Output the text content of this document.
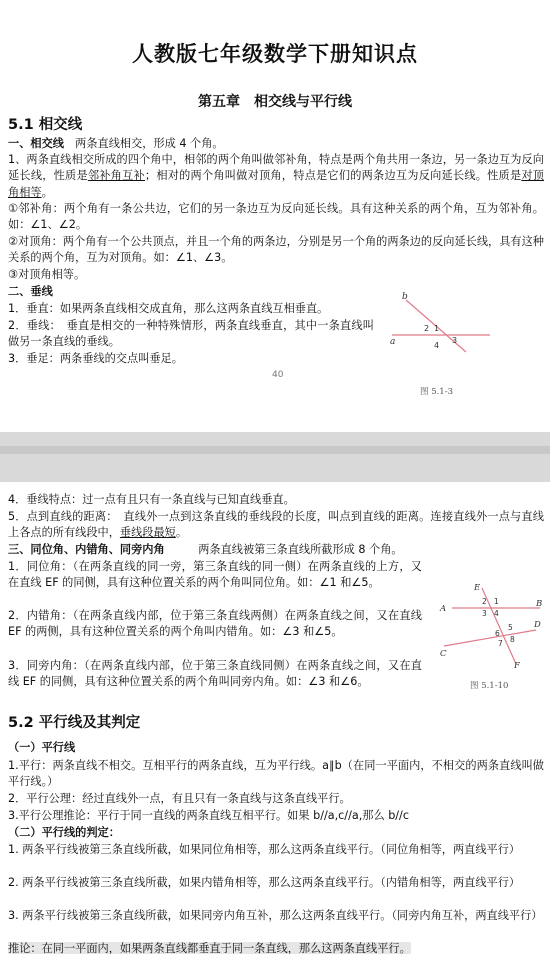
人教版七年级数学下册知识点
第五章　相交线与平行线
5.1 相交线
一、相交线　两条直线相交，形成 4 个角。
1、两条直线相交所成的四个角中，相邻的两个角叫做邻补角，特点是两个角共用一条边，另一条边互为反向延长线，性质是邻补角互补；相对的两个角叫做对顶角，特点是它们的两条边互为反向延长线。性质是对顶角相等。
①邻补角：两个角有一条公共边，它们的另一条边互为反向延长线。具有这种关系的两个角，互为邻补角。如：∠1、∠2。
②对顶角：两个角有一个公共顶点，并且一个角的两条边，分别是另一个角的两条边的反向延长线，具有这种关系的两个角，互为对顶角。如：∠1、∠3。
③对顶角相等。
二、垂线
1．垂直：如果两条直线相交成直角，那么这两条直线互相垂直。
2．垂线：　垂直是相交的一种特殊情形，两条直线垂直，其中一条直线叫做另一条直线的垂线。
3．垂足：两条垂线的交点叫垂足。
b
a
1
2
3
4
40
图 5.1-3
4．垂线特点：过一点有且只有一条直线与已知直线垂直。
5．点到直线的距离：　直线外一点到这条直线的垂线段的长度，叫点到直线的距离。连接直线外一点与直线上各点的所有线段中，垂线段最短。
三、同位角、内错角、同旁内角　　　两条直线被第三条直线所截形成 8 个角。
1．同位角：（在两条直线的同一旁，第三条直线的同一侧）在两条直线的上方，又在直线 EF 的同侧，具有这种位置关系的两个角叫同位角。如：∠1 和∠5。
2．内错角：（在两条直线内部，位于第三条直线两侧）在两条直线之间，又在直线 EF 的两侧，具有这种位置关系的两个角叫内错角。如：∠3 和∠5。
3．同旁内角：（在两条直线内部，位于第三条直线同侧）在两条直线之间，又在直线 EF 的同侧，具有这种位置关系的两个角叫同旁内角。如：∠3 和∠6。
E
A	B
C
D
F
1
2
3 4
5
6
7 8
图 5.1-10
5.2 平行线及其判定
（一）平行线
1.平行：两条直线不相交。互相平行的两条直线，互为平行线。a∥b（在同一平面内，不相交的两条直线叫做平行线。）
2．平行公理：经过直线外一点，有且只有一条直线与这条直线平行。
3.平行公理推论：平行于同一直线的两条直线互相平行。如果 b//a,c//a,那么 b//c
（二）平行线的判定：
1. 两条平行线被第三条直线所截，如果同位角相等，那么这两条直线平行。（同位角相等，两直线平行）
2. 两条平行线被第三条直线所截，如果内错角相等，那么这两条直线平行。（内错角相等，两直线平行）
3. 两条平行线被第三条直线所截，如果同旁内角互补，那么这两条直线平行。（同旁内角互补，两直线平行）
推论：在同一平面内，如果两条直线都垂直于同一条直线，那么这两条直线平行。
